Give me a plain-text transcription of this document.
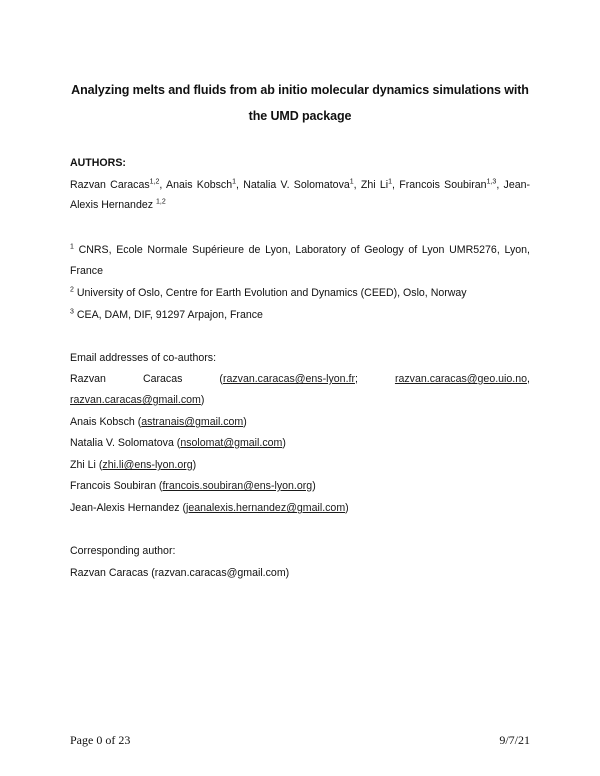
Analyzing melts and fluids from ab initio molecular dynamics simulations with
the UMD package
AUTHORS:
Razvan Caracas$^{1,2}$, Anais Kobsch$^1$, Natalia V. Solomatova$^1$, Zhi Li$^1$, Francois Soubiran$^{1,3}$, Jean-
Alexis Hernandez $^{1,2}$
$^1$ CNRS, Ecole Normale Supérieure de Lyon, Laboratory of Geology of Lyon UMR5276, Lyon,
France
$^2$ University of Oslo, Centre for Earth Evolution and Dynamics (CEED), Oslo, Norway
$^3$ CEA, DAM, DIF, 91297 Arpajon, France
Email addresses of co-authors:
Razvan	Caracas	(razvan.caracas@ens-lyon.fr;	razvan.caracas@geo.uio.no,
razvan.caracas@gmail.com)
Anais Kobsch (astranais@gmail.com)
Natalia V. Solomatova (nsolomat@gmail.com)
Zhi Li (zhi.li@ens-lyon.org)
Francois Soubiran (francois.soubiran@ens-lyon.org)
Jean-Alexis Hernandez (jeanalexis.hernandez@gmail.com)
Corresponding author:
Razvan Caracas (razvan.caracas@gmail.com)
Page 0 of 23	9/7/21
